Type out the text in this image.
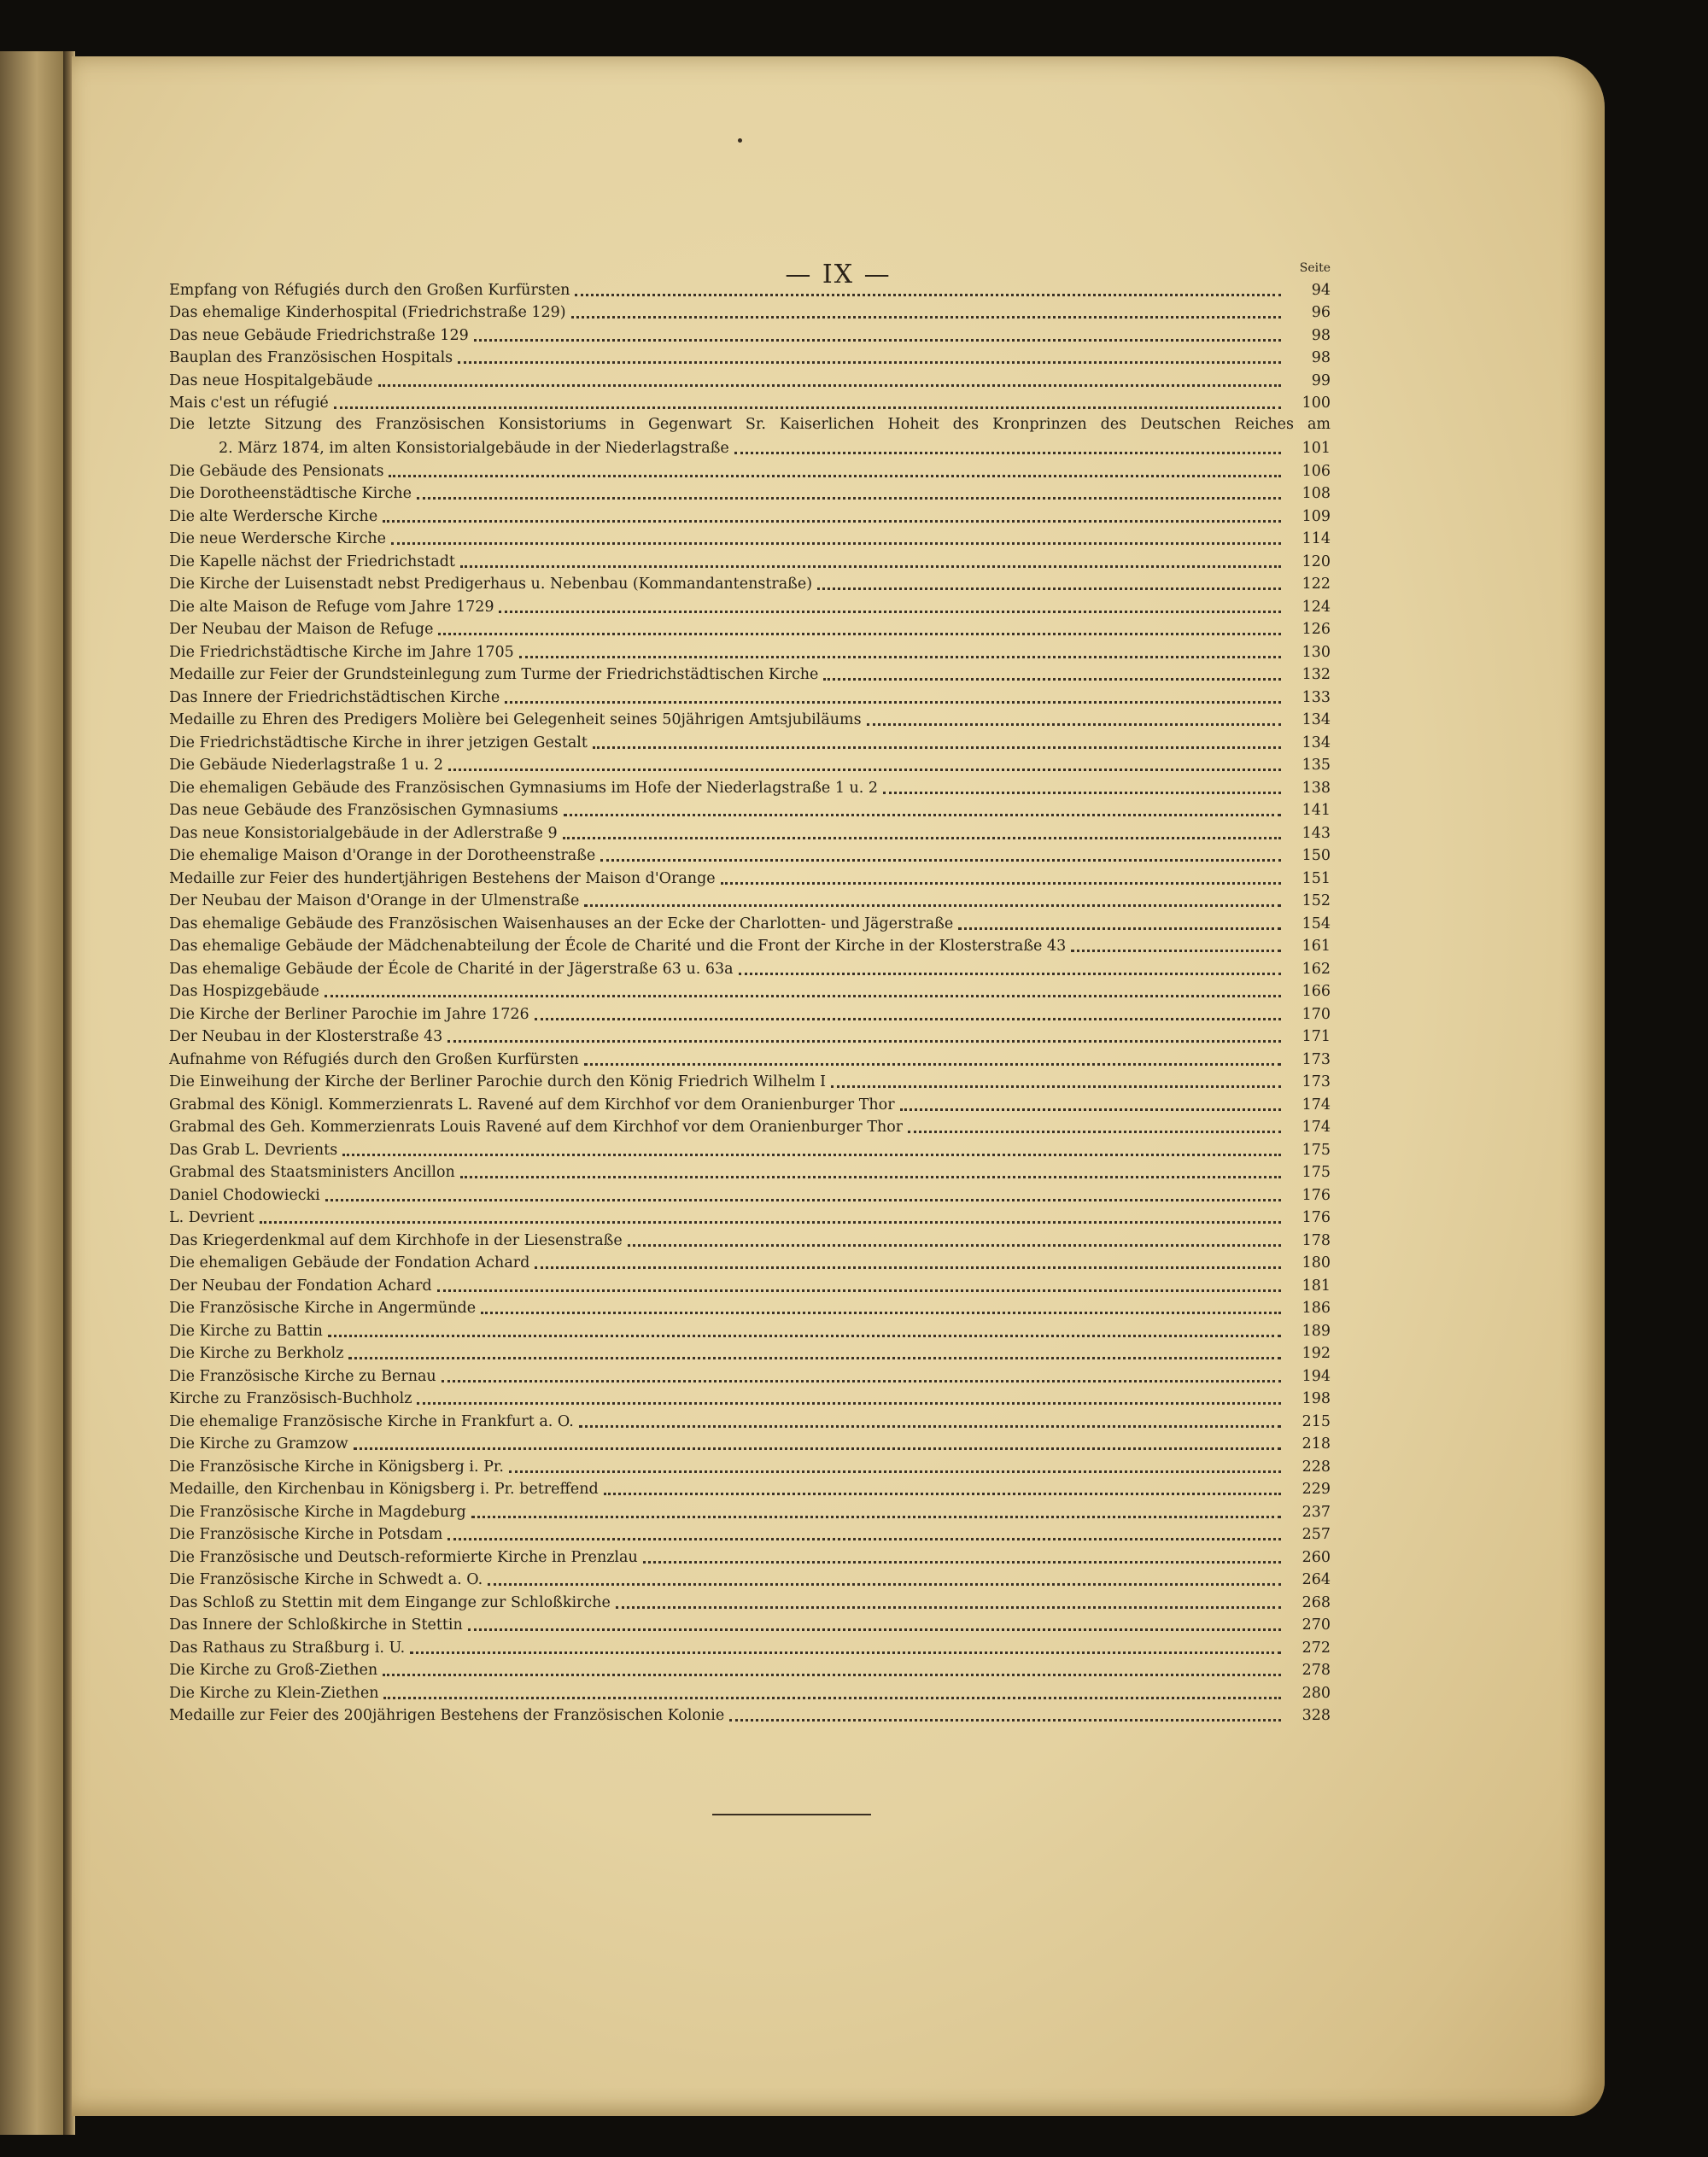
— IX —	Seite
Empfang von Réfugiés durch den Großen Kurfürsten	94
Das ehemalige Kinderhospital (Friedrichstraße 129)	96
Das neue Gebäude Friedrichstraße 129	98
Bauplan des Französischen Hospitals	98
Das neue Hospitalgebäude	99
Mais c'est un réfugié	100
Die letzte Sitzung des Französischen Konsistoriums in Gegenwart Sr. Kaiserlichen Hoheit des Kronprinzen des Deutschen Reiches am
2. März 1874, im alten Konsistorialgebäude in der Niederlagstraße	101
Die Gebäude des Pensionats	106
Die Dorotheenstädtische Kirche	108
Die alte Werdersche Kirche	109
Die neue Werdersche Kirche	114
Die Kapelle nächst der Friedrichstadt	120
Die Kirche der Luisenstadt nebst Predigerhaus u. Nebenbau (Kommandantenstraße)	122
Die alte Maison de Refuge vom Jahre 1729	124
Der Neubau der Maison de Refuge	126
Die Friedrichstädtische Kirche im Jahre 1705	130
Medaille zur Feier der Grundsteinlegung zum Turme der Friedrichstädtischen Kirche	132
Das Innere der Friedrichstädtischen Kirche	133
Medaille zu Ehren des Predigers Molière bei Gelegenheit seines 50jährigen Amtsjubiläums	134
Die Friedrichstädtische Kirche in ihrer jetzigen Gestalt	134
Die Gebäude Niederlagstraße 1 u. 2	135
Die ehemaligen Gebäude des Französischen Gymnasiums im Hofe der Niederlagstraße 1 u. 2	138
Das neue Gebäude des Französischen Gymnasiums	141
Das neue Konsistorialgebäude in der Adlerstraße 9	143
Die ehemalige Maison d'Orange in der Dorotheenstraße	150
Medaille zur Feier des hundertjährigen Bestehens der Maison d'Orange	151
Der Neubau der Maison d'Orange in der Ulmenstraße	152
Das ehemalige Gebäude des Französischen Waisenhauses an der Ecke der Charlotten- und Jägerstraße	154
Das ehemalige Gebäude der Mädchenabteilung der École de Charité und die Front der Kirche in der Klosterstraße 43	161
Das ehemalige Gebäude der École de Charité in der Jägerstraße 63 u. 63a	162
Das Hospizgebäude	166
Die Kirche der Berliner Parochie im Jahre 1726	170
Der Neubau in der Klosterstraße 43	171
Aufnahme von Réfugiés durch den Großen Kurfürsten	173
Die Einweihung der Kirche der Berliner Parochie durch den König Friedrich Wilhelm I	173
Grabmal des Königl. Kommerzienrats L. Ravené auf dem Kirchhof vor dem Oranienburger Thor	174
Grabmal des Geh. Kommerzienrats Louis Ravené auf dem Kirchhof vor dem Oranienburger Thor	174
Das Grab L. Devrients	175
Grabmal des Staatsministers Ancillon	175
Daniel Chodowiecki	176
L. Devrient	176
Das Kriegerdenkmal auf dem Kirchhofe in der Liesenstraße	178
Die ehemaligen Gebäude der Fondation Achard	180
Der Neubau der Fondation Achard	181
Die Französische Kirche in Angermünde	186
Die Kirche zu Battin	189
Die Kirche zu Berkholz	192
Die Französische Kirche zu Bernau	194
Kirche zu Französisch-Buchholz	198
Die ehemalige Französische Kirche in Frankfurt a. O.	215
Die Kirche zu Gramzow	218
Die Französische Kirche in Königsberg i. Pr.	228
Medaille, den Kirchenbau in Königsberg i. Pr. betreffend	229
Die Französische Kirche in Magdeburg	237
Die Französische Kirche in Potsdam	257
Die Französische und Deutsch-reformierte Kirche in Prenzlau	260
Die Französische Kirche in Schwedt a. O.	264
Das Schloß zu Stettin mit dem Eingange zur Schloßkirche	268
Das Innere der Schloßkirche in Stettin	270
Das Rathaus zu Straßburg i. U.	272
Die Kirche zu Groß-Ziethen	278
Die Kirche zu Klein-Ziethen	280
Medaille zur Feier des 200jährigen Bestehens der Französischen Kolonie	328
